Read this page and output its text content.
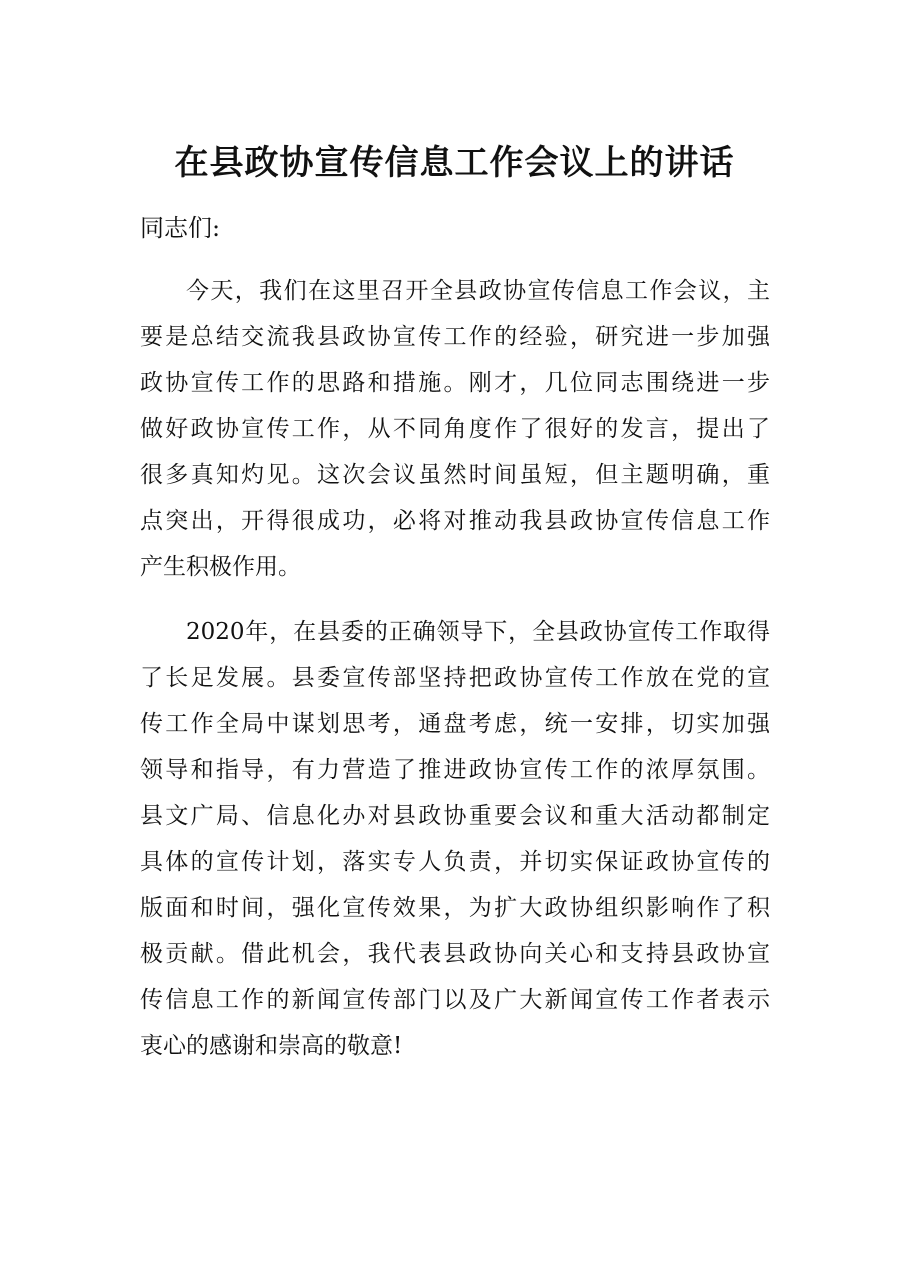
在县政协宣传信息工作会议上的讲话
同志们:
今天，我们在这里召开全县政协宣传信息工作会议，主
要是总结交流我县政协宣传工作的经验，研究进一步加强
政协宣传工作的思路和措施。刚才，几位同志围绕进一步
做好政协宣传工作，从不同角度作了很好的发言，提出了
很多真知灼见。这次会议虽然时间虽短，但主题明确，重
点突出，开得很成功，必将对推动我县政协宣传信息工作
产生积极作用。
2020年，在县委的正确领导下，全县政协宣传工作取得
了长足发展。县委宣传部坚持把政协宣传工作放在党的宣
传工作全局中谋划思考，通盘考虑，统一安排，切实加强
领导和指导，有力营造了推进政协宣传工作的浓厚氛围。
县文广局、信息化办对县政协重要会议和重大活动都制定
具体的宣传计划，落实专人负责，并切实保证政协宣传的
版面和时间，强化宣传效果，为扩大政协组织影响作了积
极贡献。借此机会，我代表县政协向关心和支持县政协宣
传信息工作的新闻宣传部门以及广大新闻宣传工作者表示
衷心的感谢和崇高的敬意!
